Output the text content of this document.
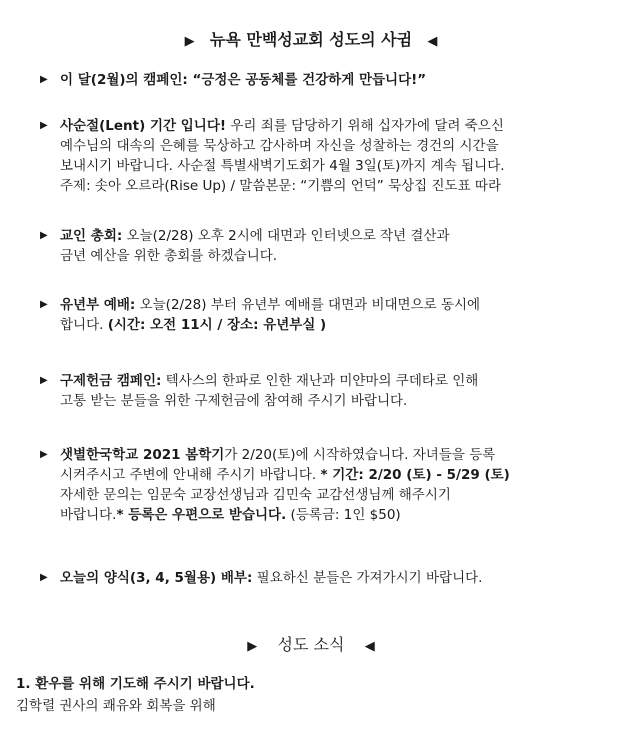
▶ 뉴욕 만백성교회 성도의 사귐 ◀
▶ 이 달(2월)의 캠페인: “긍정은 공동체를 건강하게 만듭니다!”
▶ 사순절(Lent) 기간 입니다! 우리 죄를 담당하기 위해 십자가에 달려 죽으신
예수님의 대속의 은혜를 묵상하고 감사하며 자신을 성찰하는 경건의 시간을
보내시기 바랍니다. 사순절 특별새벽기도회가 4월 3일(토)까지 계속 됩니다.
주제: 솟아 오르라(Rise Up) / 말씀본문: “기쁨의 언덕” 묵상집 진도표 따라
▶ 교인 총회: 오늘(2/28) 오후 2시에 대면과 인터넷으로 작년 결산과
금년 예산을 위한 총회를 하겠습니다.
▶ 유년부 예배: 오늘(2/28) 부터 유년부 예배를 대면과 비대면으로 동시에
합니다. (시간: 오전 11시 / 장소: 유년부실 )
▶ 구제헌금 캠페인: 텍사스의 한파로 인한 재난과 미얀마의 쿠데타로 인해
고통 받는 분들을 위한 구제헌금에 참여해 주시기 바랍니다.
▶ 샛별한국학교 2021 봄학기가 2/20(토)에 시작하였습니다. 자녀들을 등록
시켜주시고 주변에 안내해 주시기 바랍니다. * 기간: 2/20 (토) - 5/29 (토)
자세한 문의는 임문숙 교장선생님과 김민숙 교감선생님께 해주시기
바랍니다.* 등록은 우편으로 받습니다. (등록금: 1인 $50)
▶ 오늘의 양식(3, 4, 5월용) 배부: 필요하신 분들은 가져가시기 바랍니다.
▶ 성도 소식 ◀
1. 환우를 위해 기도해 주시기 바랍니다.
김학렬 권사의 쾌유와 회복을 위해
